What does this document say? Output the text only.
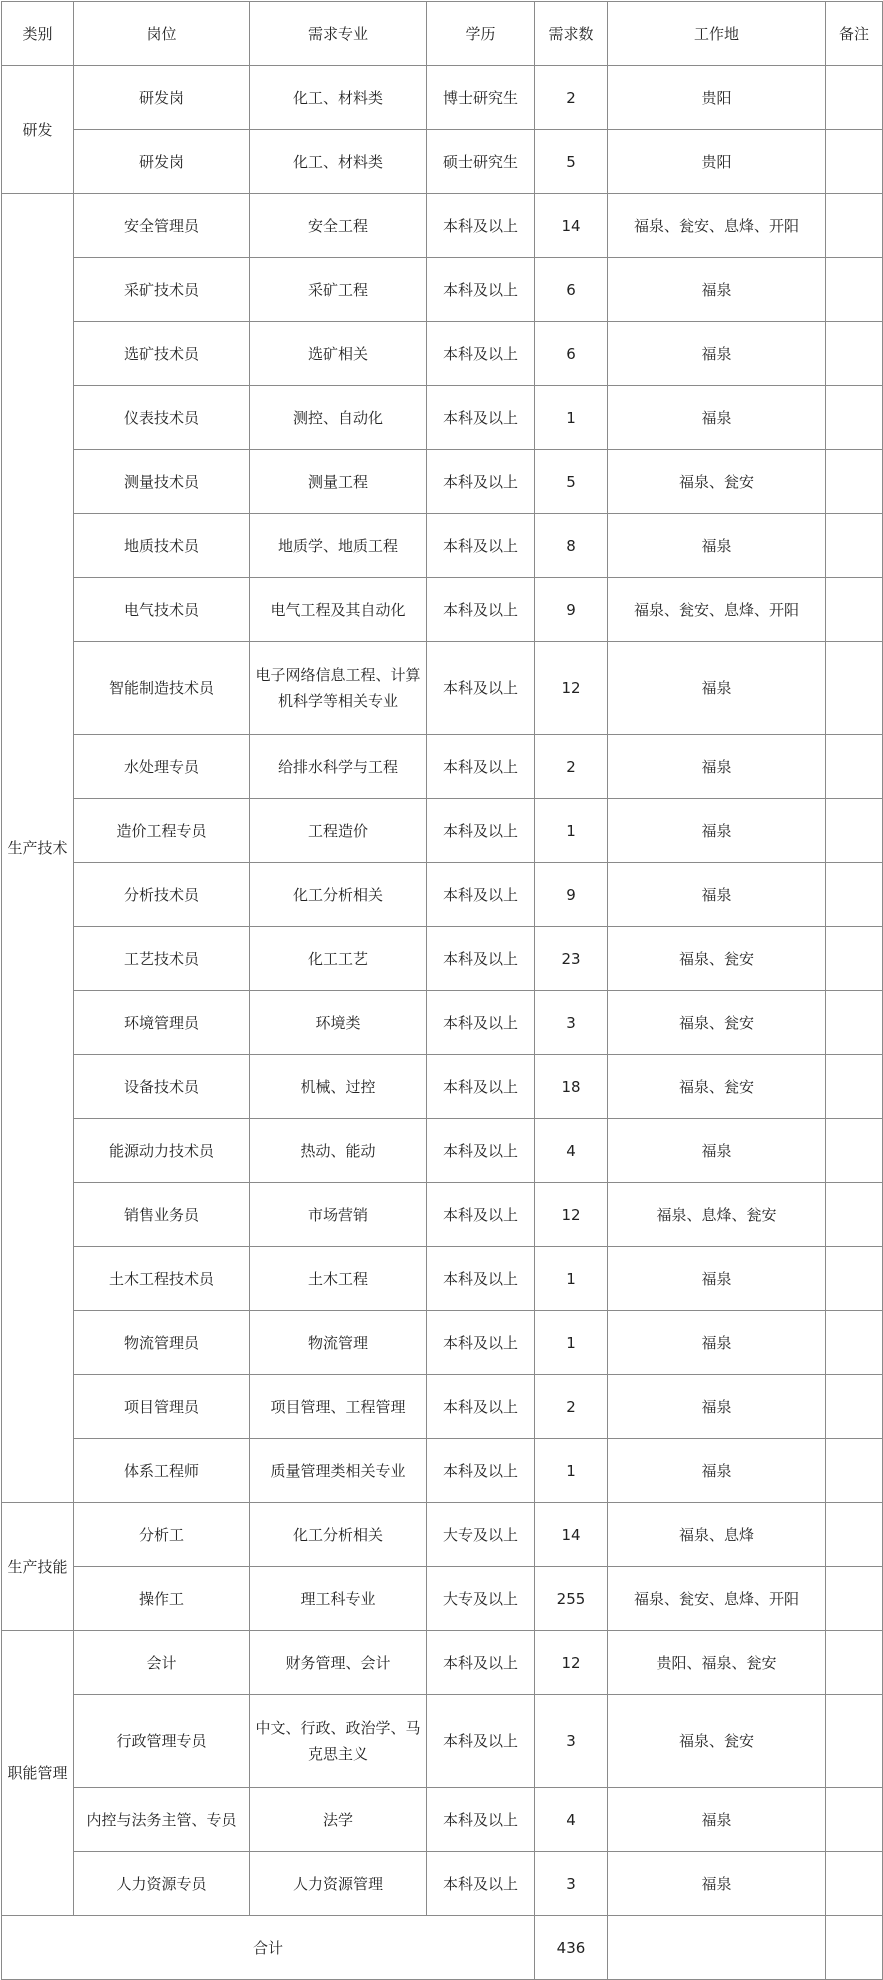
类别	岗位	需求专业	学历	需求数	工作地	备注
研发	研发岗	化工、材料类	博士研究生	2	贵阳	
	研发岗	化工、材料类	硕士研究生	5	贵阳	
生产技术	安全管理员	安全工程	本科及以上	14	福泉、瓮安、息烽、开阳	
	采矿技术员	采矿工程	本科及以上	6	福泉	
	选矿技术员	选矿相关	本科及以上	6	福泉	
	仪表技术员	测控、自动化	本科及以上	1	福泉	
	测量技术员	测量工程	本科及以上	5	福泉、瓮安	
	地质技术员	地质学、地质工程	本科及以上	8	福泉	
	电气技术员	电气工程及其自动化	本科及以上	9	福泉、瓮安、息烽、开阳	
	智能制造技术员	电子网络信息工程、计算机科学等相关专业	本科及以上	12	福泉	
	水处理专员	给排水科学与工程	本科及以上	2	福泉	
	造价工程专员	工程造价	本科及以上	1	福泉	
	分析技术员	化工分析相关	本科及以上	9	福泉	
	工艺技术员	化工工艺	本科及以上	23	福泉、瓮安	
	环境管理员	环境类	本科及以上	3	福泉、瓮安	
	设备技术员	机械、过控	本科及以上	18	福泉、瓮安	
	能源动力技术员	热动、能动	本科及以上	4	福泉	
	销售业务员	市场营销	本科及以上	12	福泉、息烽、瓮安	
	土木工程技术员	土木工程	本科及以上	1	福泉	
	物流管理员	物流管理	本科及以上	1	福泉	
	项目管理员	项目管理、工程管理	本科及以上	2	福泉	
	体系工程师	质量管理类相关专业	本科及以上	1	福泉	
生产技能	分析工	化工分析相关	大专及以上	14	福泉、息烽	
	操作工	理工科专业	大专及以上	255	福泉、瓮安、息烽、开阳	
职能管理	会计	财务管理、会计	本科及以上	12	贵阳、福泉、瓮安	
	行政管理专员	中文、行政、政治学、马克思主义	本科及以上	3	福泉、瓮安	
	内控与法务主管、专员	法学	本科及以上	4	福泉	
	人力资源专员	人力资源管理	本科及以上	3	福泉	
合计				436		
